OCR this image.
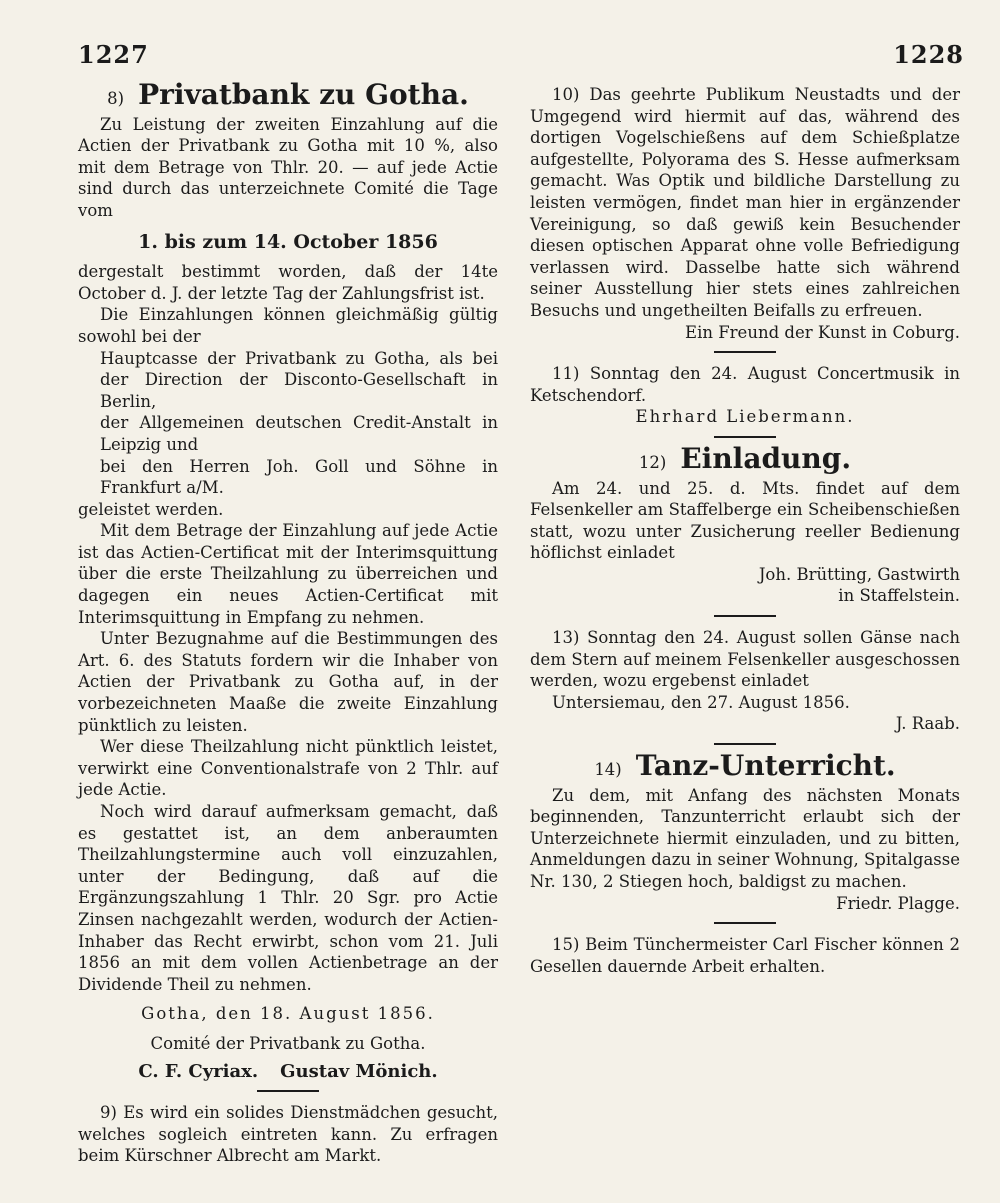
1227	1228
8) Privatbank zu Gotha.

Zu Leistung der zweiten Einzahlung auf die Actien der Privatbank zu Gotha mit 10 %, also mit dem Betrage von Thlr. 20. — auf jede Actie sind durch das unterzeichnete Comité die Tage vom

1. bis zum 14. October 1856

dergestalt bestimmt worden, daß der 14te October d. J. der letzte Tag der Zahlungsfrist ist.

Die Einzahlungen können gleichmäßig gültig sowohl bei der

Hauptcasse der Privatbank zu Gotha, als bei der Direction der Disconto-Gesellschaft in Berlin,

der Allgemeinen deutschen Credit-Anstalt in Leipzig und

bei den Herren Joh. Goll und Söhne in Frankfurt a/M.

geleistet werden.

Mit dem Betrage der Einzahlung auf jede Actie ist das Actien-Certificat mit der Interimsquittung über die erste Theilzahlung zu überreichen und dagegen ein neues Actien-Certificat mit Interimsquittung in Empfang zu nehmen.

Unter Bezugnahme auf die Bestimmungen des Art. 6. des Statuts fordern wir die Inhaber von Actien der Privatbank zu Gotha auf, in der vorbezeichneten Maaße die zweite Einzahlung pünktlich zu leisten.

Wer diese Theilzahlung nicht pünktlich leistet, verwirkt eine Conventionalstrafe von 2 Thlr. auf jede Actie.

Noch wird darauf aufmerksam gemacht, daß es gestattet ist, an dem anberaumten Theilzahlungstermine auch voll einzuzahlen, unter der Bedingung, daß auf die Ergänzungszahlung 1 Thlr. 20 Sgr. pro Actie Zinsen nachgezahlt werden, wodurch der Actien-Inhaber das Recht erwirbt, schon vom 21. Juli 1856 an mit dem vollen Actienbetrage an der Dividende Theil zu nehmen.

Gotha, den 18. August 1856.

Comité der Privatbank zu Gotha.

C. F. Cyriax. Gustav Mönich.

9) Es wird ein solides Dienstmädchen gesucht, welches sogleich eintreten kann. Zu erfragen beim Kürschner Albrecht am Markt.

10) Das geehrte Publikum Neustadts und der Umgegend wird hiermit auf das, während des dortigen Vogelschießens auf dem Schießplatze aufgestellte, Polyorama des S. Hesse aufmerksam gemacht. Was Optik und bildliche Darstellung zu leisten vermögen, findet man hier in ergänzender Vereinigung, so daß gewiß kein Besuchender diesen optischen Apparat ohne volle Befriedigung verlassen wird. Dasselbe hatte sich während seiner Ausstellung hier stets eines zahlreichen Besuchs und ungetheilten Beifalls zu erfreuen.

Ein Freund der Kunst in Coburg.

11) Sonntag den 24. August Concertmusik in Ketschendorf.

Ehrhard Liebermann.

12) Einladung.

Am 24. und 25. d. Mts. findet auf dem Felsenkeller am Staffelberge ein Scheibenschießen statt, wozu unter Zusicherung reeller Bedienung höflichst einladet

Joh. Brütting, Gastwirth

in Staffelstein.

13) Sonntag den 24. August sollen Gänse nach dem Stern auf meinem Felsenkeller ausgeschossen werden, wozu ergebenst einladet

Untersiemau, den 27. August 1856.

J. Raab.

14) Tanz-Unterricht.

Zu dem, mit Anfang des nächsten Monats beginnenden, Tanzunterricht erlaubt sich der Unterzeichnete hiermit einzuladen, und zu bitten, Anmeldungen dazu in seiner Wohnung, Spitalgasse Nr. 130, 2 Stiegen hoch, baldigst zu machen.

Friedr. Plagge.

15) Beim Tünchermeister Carl Fischer können 2 Gesellen dauernde Arbeit erhalten.
